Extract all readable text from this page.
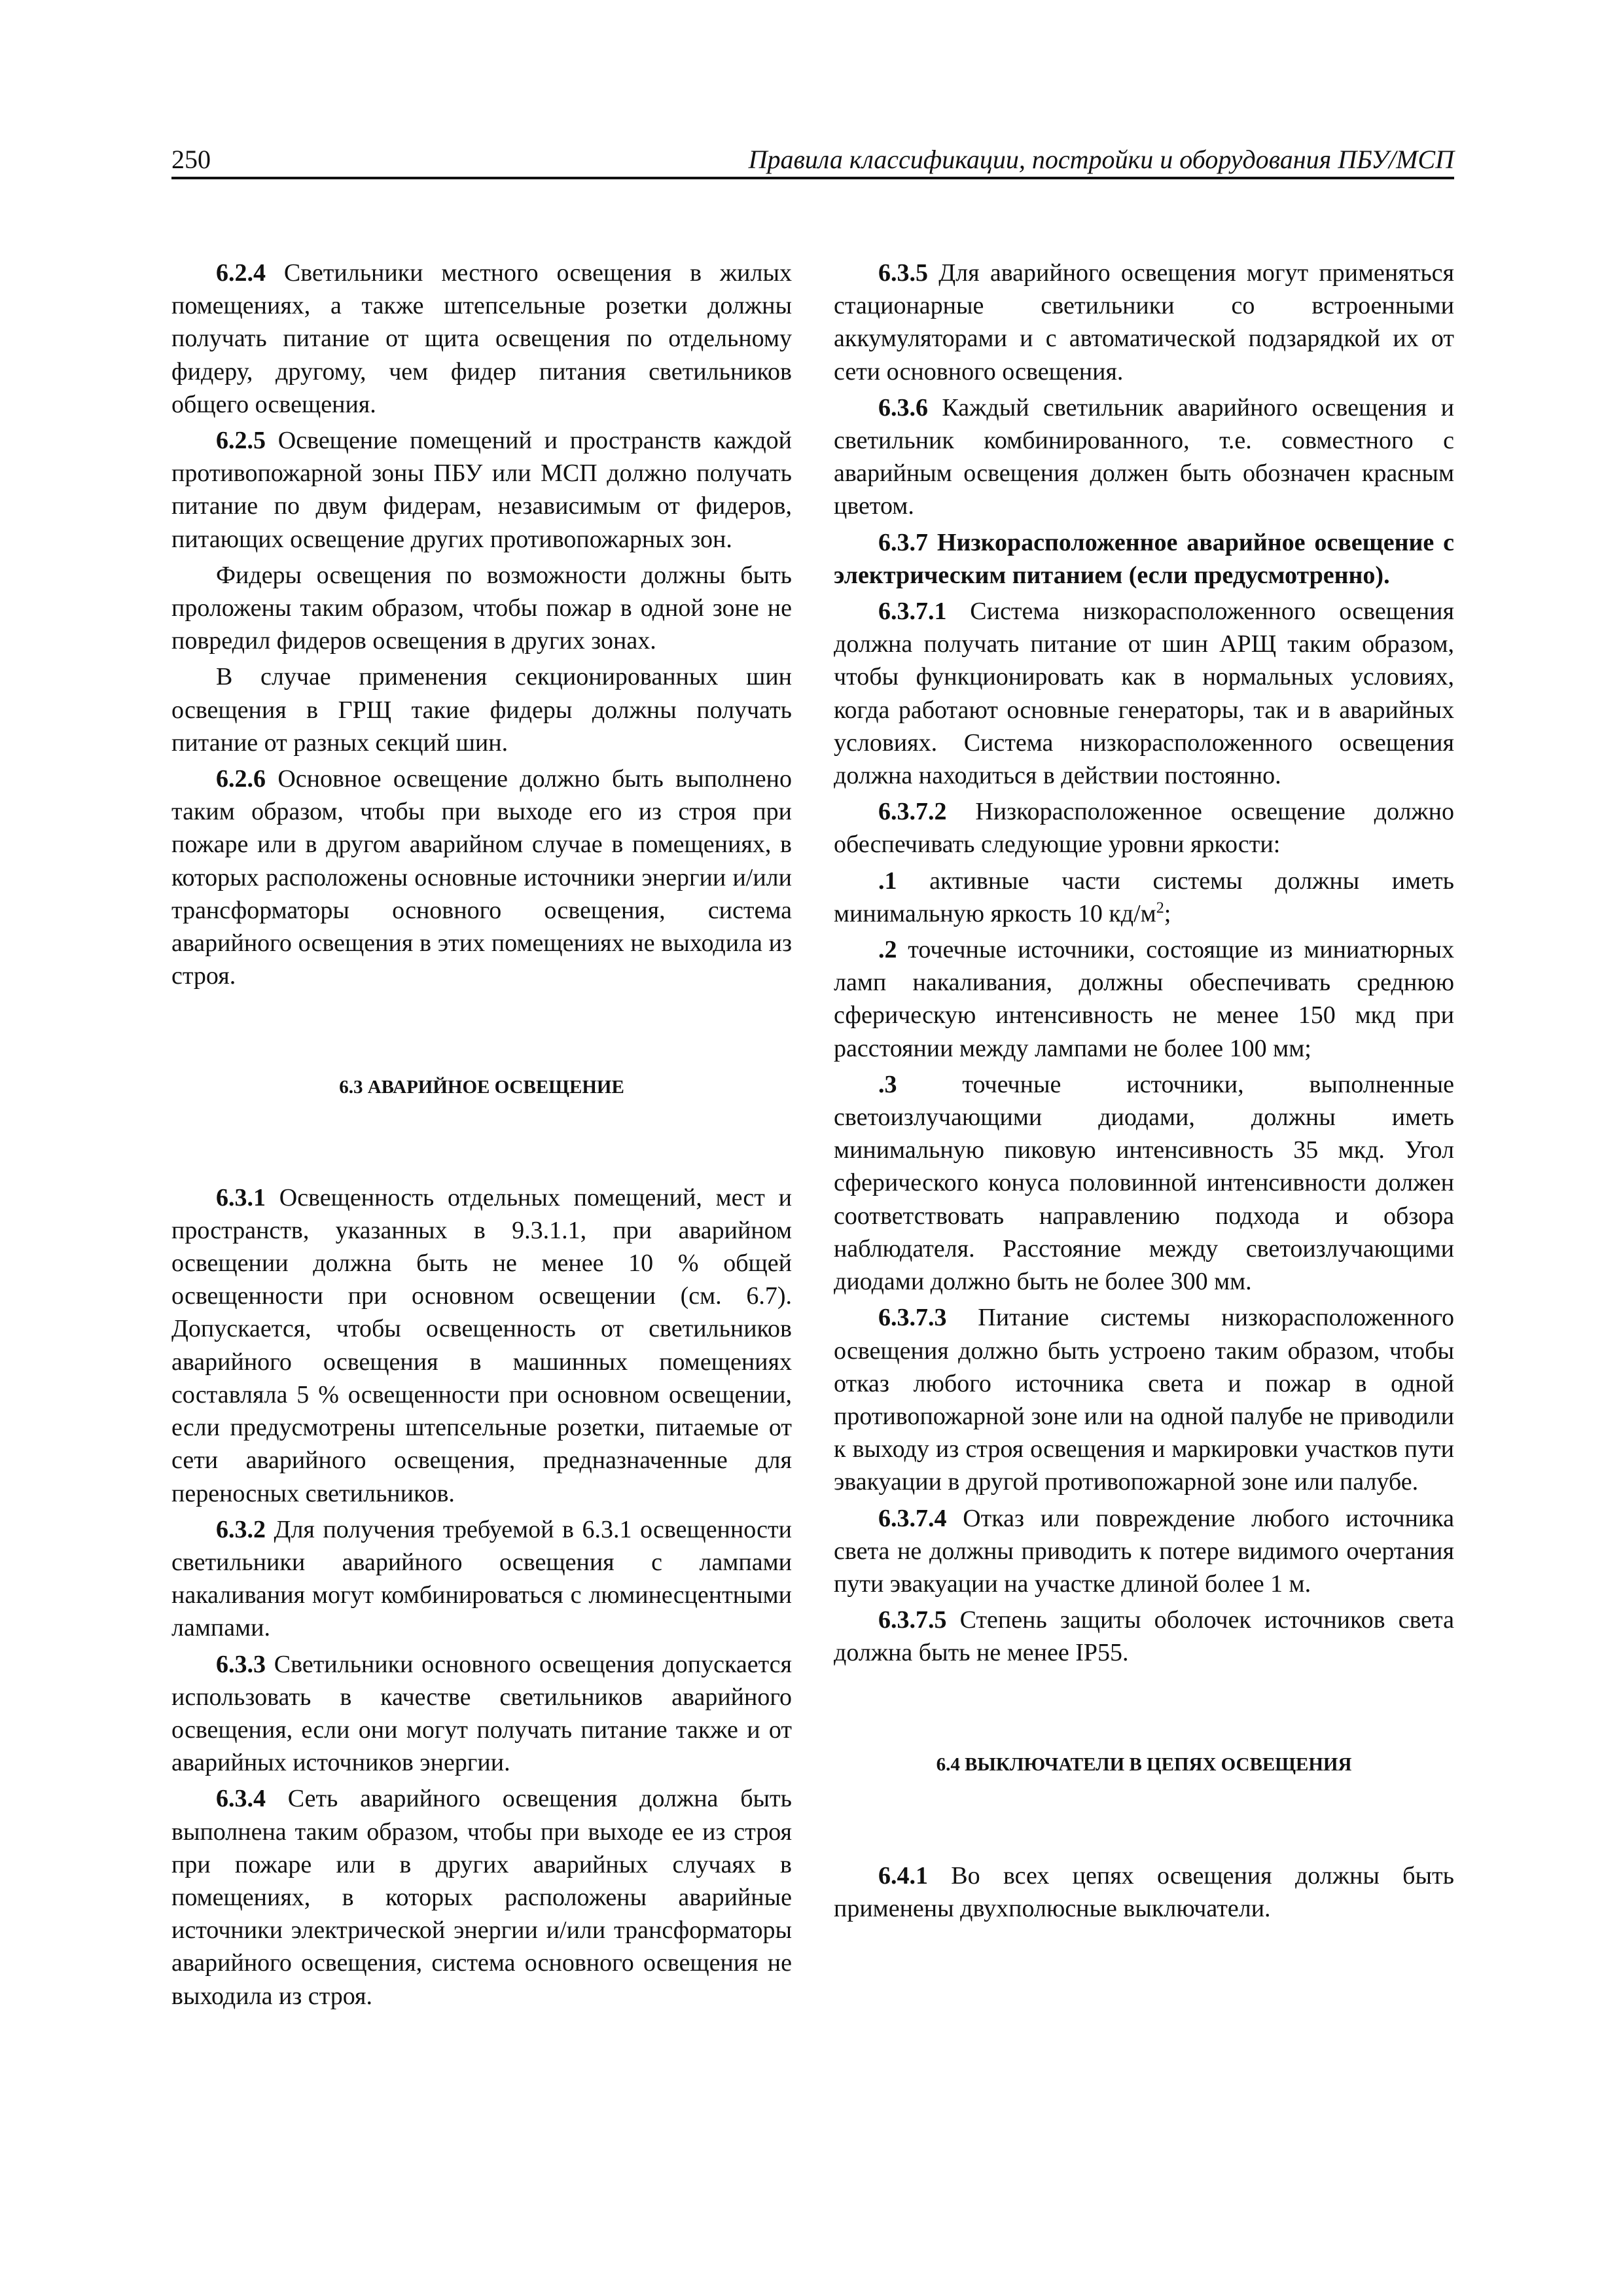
250	Правила классификации, постройки и оборудования ПБУ/МСП

6.2.4 Светильники местного освещения в жилых помещениях, а также штепсельные розетки должны получать питание от щита освещения по отдельному фидеру, другому, чем фидер питания светильников общего освещения.

6.2.5 Освещение помещений и пространств каждой противопожарной зоны ПБУ или МСП должно получать питание по двум фидерам, независимым от фидеров, питающих освещение других противопожарных зон.

Фидеры освещения по возможности должны быть проложены таким образом, чтобы пожар в одной зоне не повредил фидеров освещения в других зонах.

В случае применения секционированных шин освещения в ГРЩ такие фидеры должны получать питание от разных секций шин.

6.2.6 Основное освещение должно быть выполнено таким образом, чтобы при выходе его из строя при пожаре или в другом аварийном случае в помещениях, в которых расположены основные источники энергии и/или трансформаторы основного освещения, система аварийного освещения в этих помещениях не выходила из строя.

6.3 АВАРИЙНОЕ ОСВЕЩЕНИЕ

6.3.1 Освещенность отдельных помещений, мест и пространств, указанных в 9.3.1.1, при аварийном освещении должна быть не менее 10 % общей освещенности при основном освещении (см. 6.7). Допускается, чтобы освещенность от светильников аварийного освещения в машинных помещениях составляла 5 % освещенности при основном освещении, если предусмотрены штепсельные розетки, питаемые от сети аварийного освещения, предназначенные для переносных светильников.

6.3.2 Для получения требуемой в 6.3.1 освещенности светильники аварийного освещения с лампами накаливания могут комбинироваться с люминесцентными лампами.

6.3.3 Светильники основного освещения допускается использовать в качестве светильников аварийного освещения, если они могут получать питание также и от аварийных источников энергии.

6.3.4 Сеть аварийного освещения должна быть выполнена таким образом, чтобы при выходе ее из строя при пожаре или в других аварийных случаях в помещениях, в которых расположены аварийные источники электрической энергии и/или трансформаторы аварийного освещения, система основного освещения не выходила из строя.

6.3.5 Для аварийного освещения могут применяться стационарные светильники со встроенными аккумуляторами и с автоматической подзарядкой их от сети основного освещения.

6.3.6 Каждый светильник аварийного освещения и светильник комбинированного, т.е. совместного с аварийным освещения должен быть обозначен красным цветом.

6.3.7 Низкорасположенное аварийное освещение с электрическим питанием (если предусмотренно).

6.3.7.1 Система низкорасположенного освещения должна получать питание от шин АРЩ таким образом, чтобы функционировать как в нормальных условиях, когда работают основные генераторы, так и в аварийных условиях. Система низкорасположенного освещения должна находиться в действии постоянно.

6.3.7.2 Низкорасположенное освещение должно обеспечивать следующие уровни яркости:

.1 активные части системы должны иметь минимальную яркость 10 $кд/м^2$;

.2 точечные источники, состоящие из миниатюрных ламп накаливания, должны обеспечивать среднюю сферическую интенсивность не менее 150 мкд при расстоянии между лампами не более 100 мм;

.3 точечные источники, выполненные светоизлучающими диодами, должны иметь минимальную пиковую интенсивность 35 мкд. Угол сферического конуса половинной интенсивности должен соответствовать направлению подхода и обзора наблюдателя. Расстояние между светоизлучающими диодами должно быть не более 300 мм.

6.3.7.3 Питание системы низкорасположенного освещения должно быть устроено таким образом, чтобы отказ любого источника света и пожар в одной противопожарной зоне или на одной палубе не приводили к выходу из строя освещения и маркировки участков пути эвакуации в другой противопожарной зоне или палубе.

6.3.7.4 Отказ или повреждение любого источника света не должны приводить к потере видимого очертания пути эвакуации на участке длиной более 1 м.

6.3.7.5 Степень защиты оболочек источников света должна быть не менее IP55.

6.4 ВЫКЛЮЧАТЕЛИ В ЦЕПЯХ ОСВЕЩЕНИЯ

6.4.1 Во всех цепях освещения должны быть применены двухполюсные выключатели.
